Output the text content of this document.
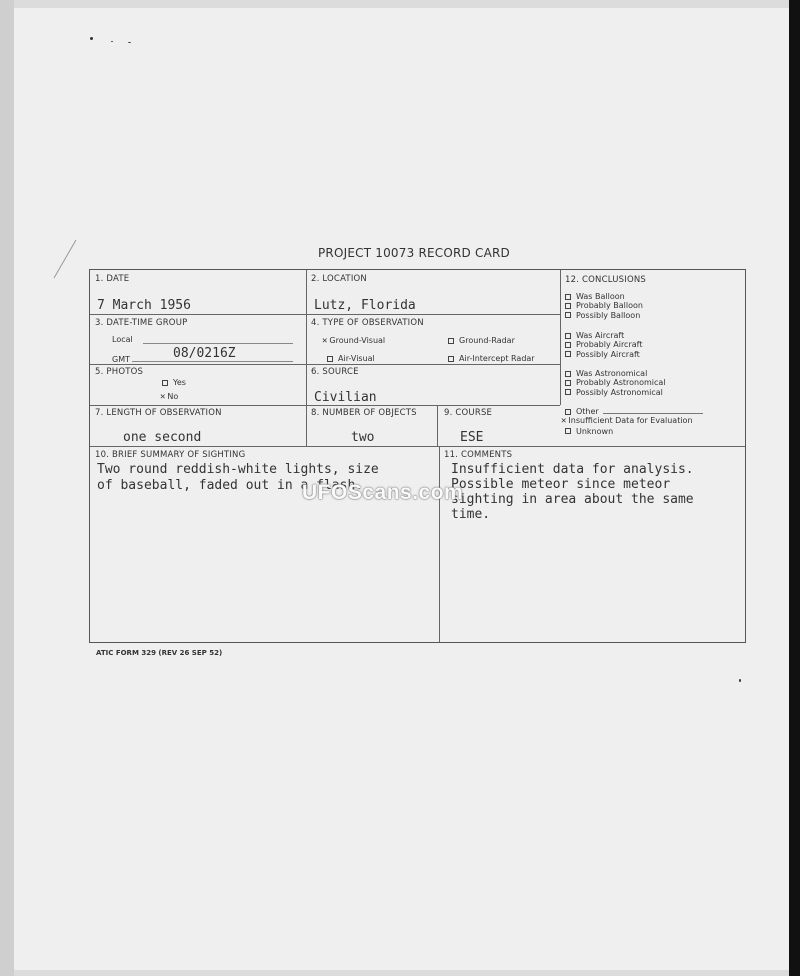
PROJECT 10073 RECORD CARD
1. DATE
7 March 1956
2. LOCATION
Lutz, Florida
3. DATE-TIME GROUP
Local
GMT	08/0216Z
4. TYPE OF OBSERVATION
✕ Ground-Visual	Ground-Radar
Air-Visual	Air-Intercept Radar
5. PHOTOS
Yes
✕ No
6. SOURCE
Civilian
7. LENGTH OF OBSERVATION
one second
8. NUMBER OF OBJECTS
two
9. COURSE
ESE
12. CONCLUSIONS
Was Balloon
Probably Balloon
Possibly Balloon
Was Aircraft
Probably Aircraft
Possibly Aircraft
Was Astronomical
Probably Astronomical
Possibly Astronomical
Other
✕ Insufficient Data for Evaluation
Unknown
10. BRIEF SUMMARY OF SIGHTING
Two round reddish-white lights, size
of baseball, faded out in a flash.
11. COMMENTS
Insufficient data for analysis.
Possible meteor since meteor
sighting in area about the same
time.
UFOScans.com
ATIC FORM 329 (REV 26 SEP 52)
